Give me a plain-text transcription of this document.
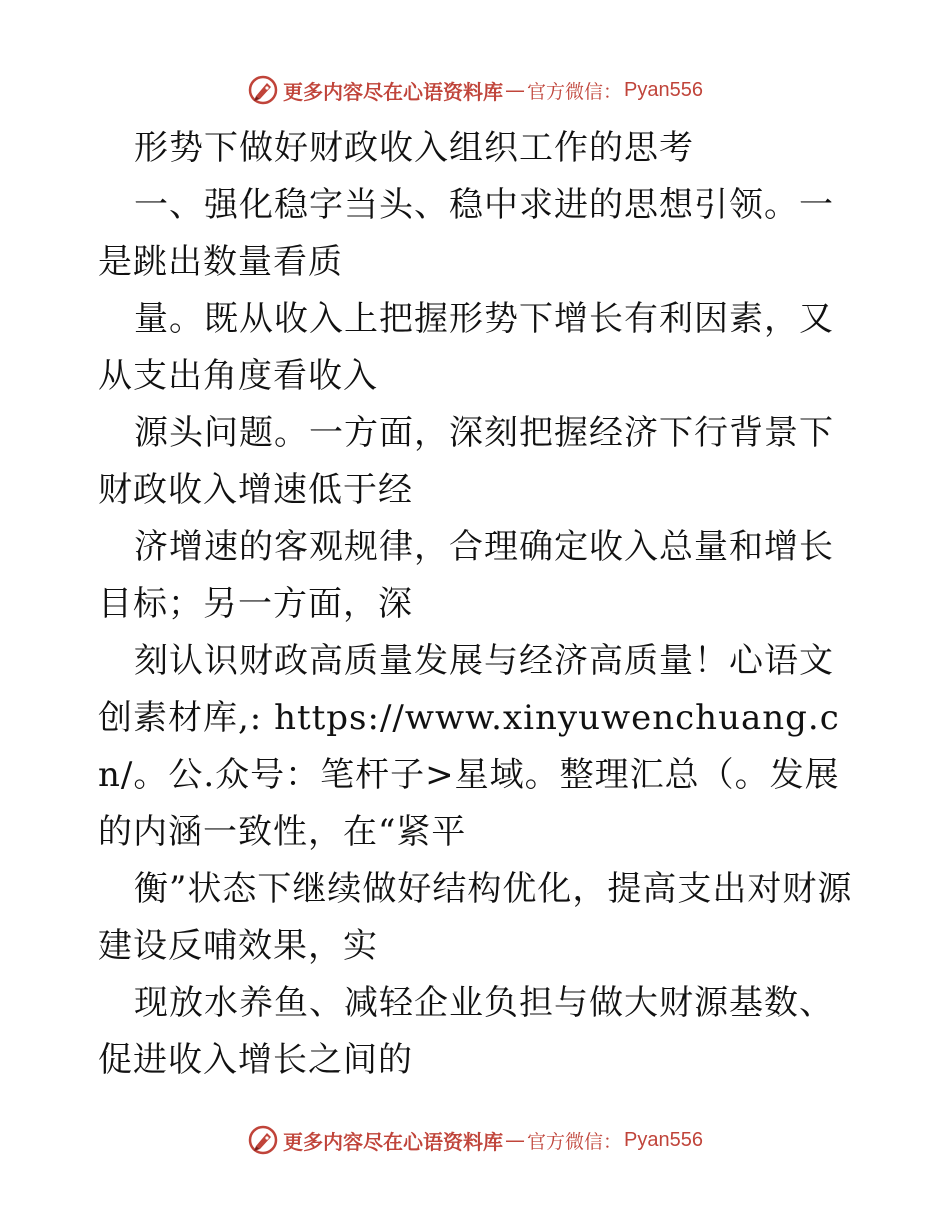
更多内容尽在心语资料库 — 官方微信： Pyan556

形势下做好财政收入组织工作的思考

一、强化稳字当头、稳中求进的思想引领。一是跳出数量看质

量。既从收入上把握形势下增长有利因素，又从支出角度看收入

源头问题。一方面，深刻把握经济下行背景下财政收入增速低于经

济增速的客观规律，合理确定收入总量和增长目标；另一方面，深

刻认识财政高质量发展与经济高质量！心语文创素材库,: https://www.xinyuwenchuang.cn/。公.众号：笔杆子>星域。整理汇总（。发展的内涵一致性，在“紧平

衡”状态下继续做好结构优化，提高支出对财源建设反哺效果，实

现放水养鱼、减轻企业负担与做大财源基数、促进收入增长之间的

更多内容尽在心语资料库 — 官方微信： Pyan556
